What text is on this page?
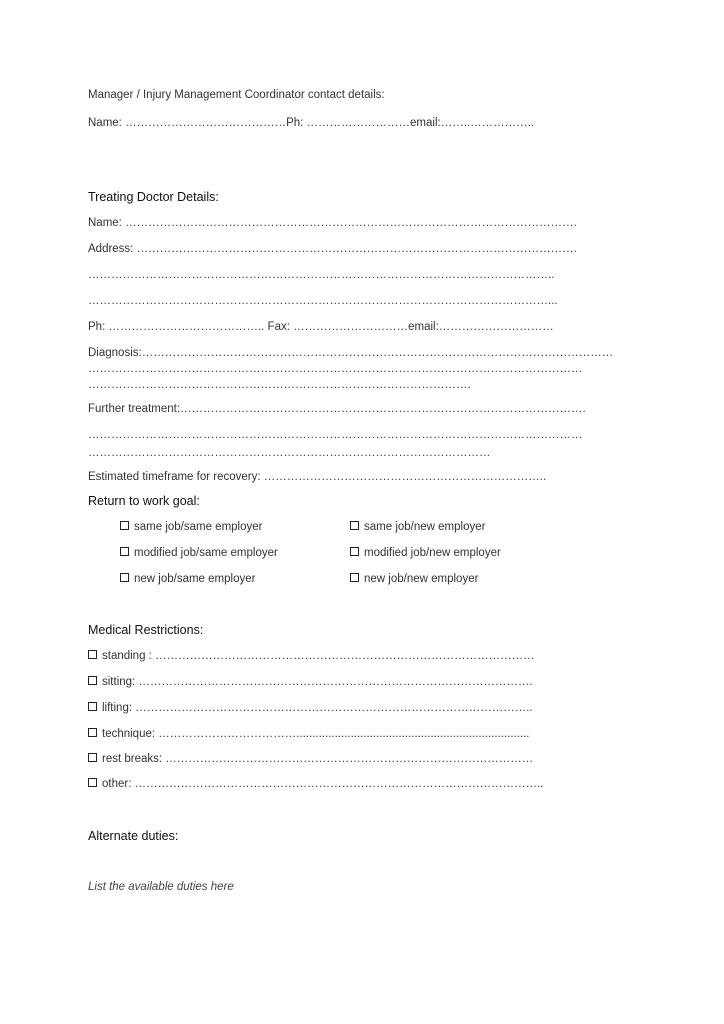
Manager / Injury Management Coordinator contact details:
Name: ……………………………………Ph: ………………………email:……..……………..
Treating Doctor Details:
Name: ……………………………………………………………………………………………………….
Address: …………………………………………………………………………………………………….
…………………………………………………………………………………………………………..
…………………………………………………………………………………………………………...
Ph: ………………………………….. Fax: …………………………email:…………………………
Diagnosis:……………………………………………………………………………………………………………
…………………………………………………………………………………………………………………
……………………………………………………………………………………….
Further treatment:…………………………………………………………………………………………….
…………………………………………………………………………………………………………………
……………………………………………………………………………………………
Estimated timeframe for recovery: ………………………………………………………………..
Return to work goal:
same job/same employer	same job/new employer
modified job/same employer	modified job/new employer
new job/same employer	new job/new employer
Medical Restrictions:
standing : ………………………………………………………………………………………
sitting: ………………………………………………………………………………………….
lifting: …………………………………………………………………………………………..
technique: ……………………………….........................................................................
rest breaks: ……………………………………………………………………………………
other: ……………………………………………………………………………………………..
Alternate duties:
List the available duties here
